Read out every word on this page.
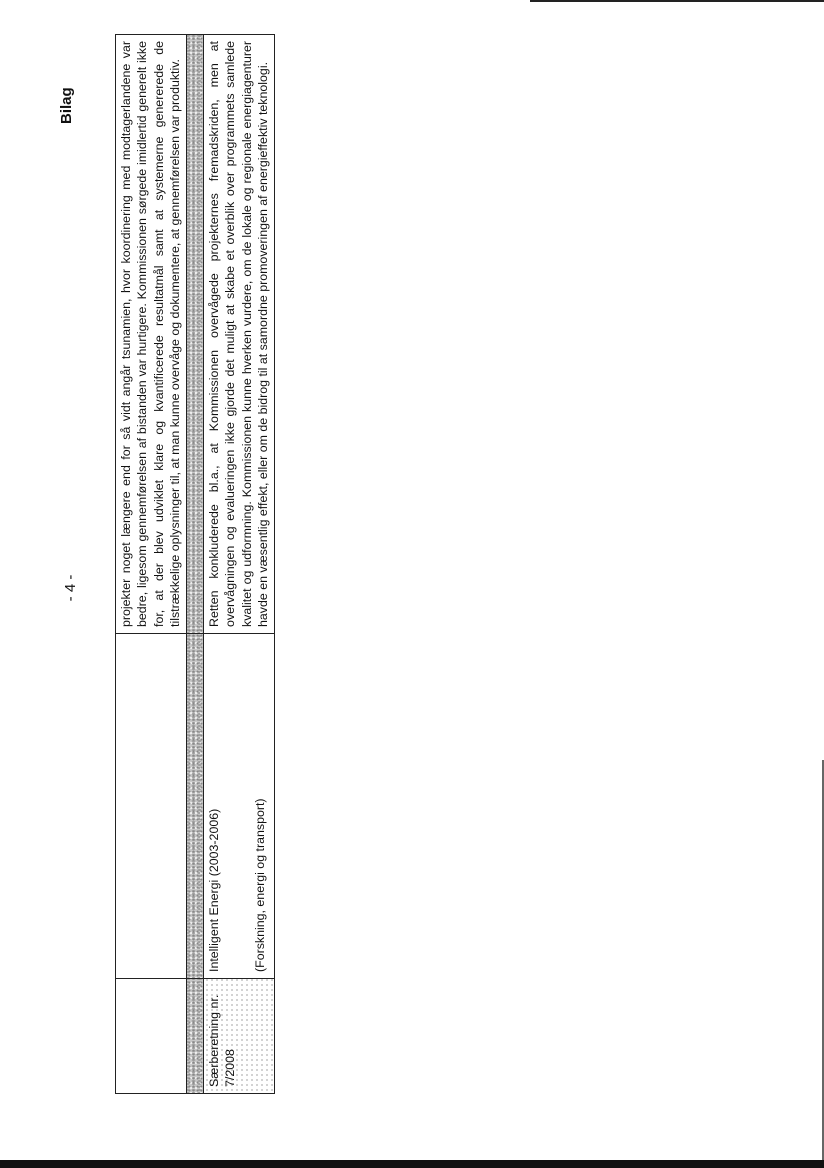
- 4 -
Bilag

		projekter noget længere end for så vidt angår tsunamien, hvor koordinering med modtagerlandene var bedre, ligesom gennemførelsen af bistanden var hurtigere. Kommissionen sørgede imidlertid generelt ikke for, at der blev udviklet klare og kvantificerede resultatmål samt at systemerne genererede de tilstrækkelige oplysninger til, at man kunne overvåge og dokumentere, at gennemførelsen var produktiv.

Særberetning nr. 7/2008	Intelligent Energi (2003-2006) (Forskning, energi og transport)	Retten konkluderede bl.a., at Kommissionen overvågede projekternes fremadskriden, men at overvågningen og evalueringen ikke gjorde det muligt at skabe et overblik over programmets samlede kvalitet og udformning. Kommissionen kunne hverken vurdere, om de lokale og regionale energiagenturer havde en væsentlig effekt, eller om de bidrog til at samordne promoveringen af energieffektiv teknologi.
